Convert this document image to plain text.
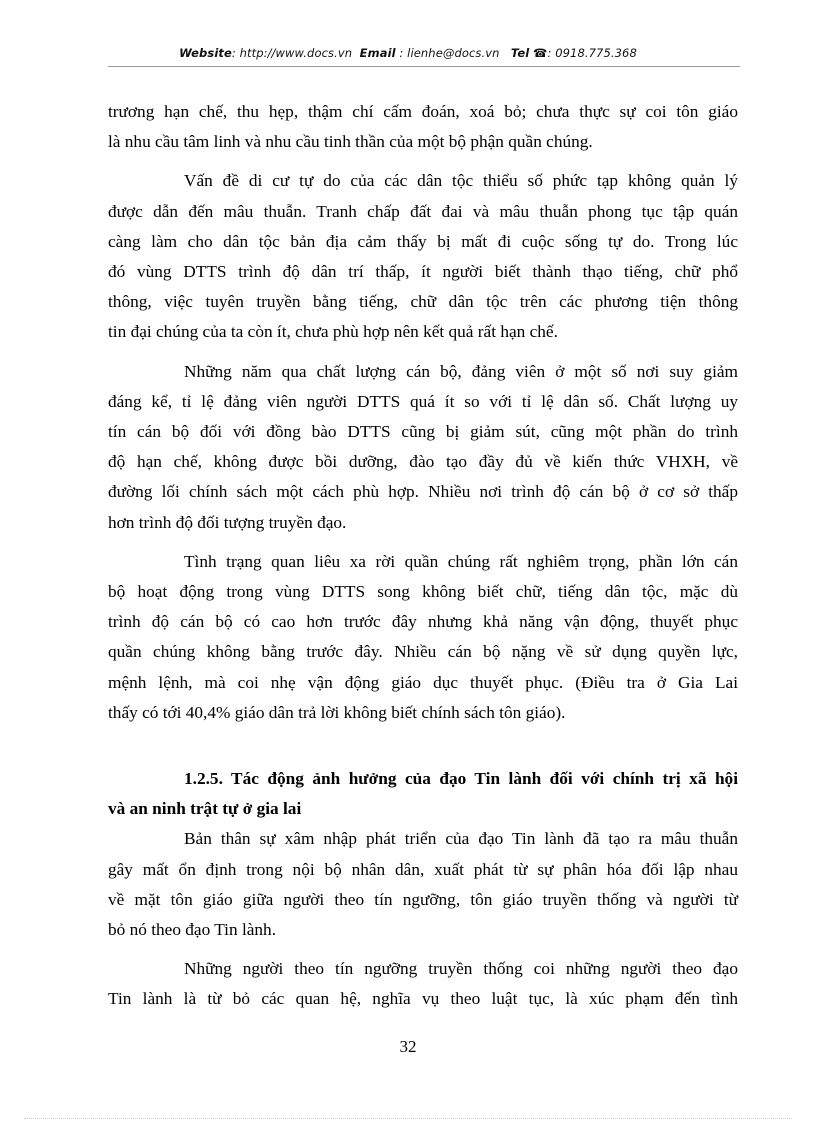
Website: http://www.docs.vn Email : lienhe@docs.vn Tel ☎: 0918.775.368

trương hạn chế, thu hẹp, thậm chí cấm đoán, xoá bỏ; chưa thực sự coi tôn giáo
là nhu cầu tâm linh và nhu cầu tinh thần của một bộ phận quần chúng.

Vấn đề di cư tự do của các dân tộc thiểu số phức tạp không quản lý
được dẫn đến mâu thuẫn. Tranh chấp đất đai và mâu thuẫn phong tục tập quán
càng làm cho dân tộc bản địa cảm thấy bị mất đi cuộc sống tự do. Trong lúc
đó vùng DTTS trình độ dân trí thấp, ít người biết thành thạo tiếng, chữ phổ
thông, việc tuyên truyền bằng tiếng, chữ dân tộc trên các phương tiện thông
tin đại chúng của ta còn ít, chưa phù hợp nên kết quả rất hạn chế.

Những năm qua chất lượng cán bộ, đảng viên ở một số nơi suy giảm
đáng kể, tỉ lệ đảng viên người DTTS quá ít so với tỉ lệ dân số. Chất lượng uy
tín cán bộ đối với đồng bào DTTS cũng bị giảm sút, cũng một phần do trình
độ hạn chế, không được bồi dưỡng, đào tạo đầy đủ về kiến thức VHXH, về
đường lối chính sách một cách phù hợp. Nhiều nơi trình độ cán bộ ở cơ sở thấp
hơn trình độ đối tượng truyền đạo.

Tình trạng quan liêu xa rời quần chúng rất nghiêm trọng, phần lớn cán
bộ hoạt động trong vùng DTTS song không biết chữ, tiếng dân tộc, mặc dù
trình độ cán bộ có cao hơn trước đây nhưng khả năng vận động, thuyết phục
quần chúng không bằng trước đây. Nhiều cán bộ nặng về sử dụng quyền lực,
mệnh lệnh, mà coi nhẹ vận động giáo dục thuyết phục. (Điều tra ở Gia Lai
thấy có tới 40,4% giáo dân trả lời không biết chính sách tôn giáo).

1.2.5. Tác động ảnh hưởng của đạo Tin lành đối với chính trị xã hội
và an ninh trật tự ở gia lai

Bản thân sự xâm nhập phát triển của đạo Tin lành đã tạo ra mâu thuẫn
gây mất ổn định trong nội bộ nhân dân, xuất phát từ sự phân hóa đối lập nhau
về mặt tôn giáo giữa người theo tín ngưỡng, tôn giáo truyền thống và người từ
bỏ nó theo đạo Tin lành.

Những người theo tín ngưỡng truyền thống coi những người theo đạo
Tin lành là từ bỏ các quan hệ, nghĩa vụ theo luật tục, là xúc phạm đến tình

32
